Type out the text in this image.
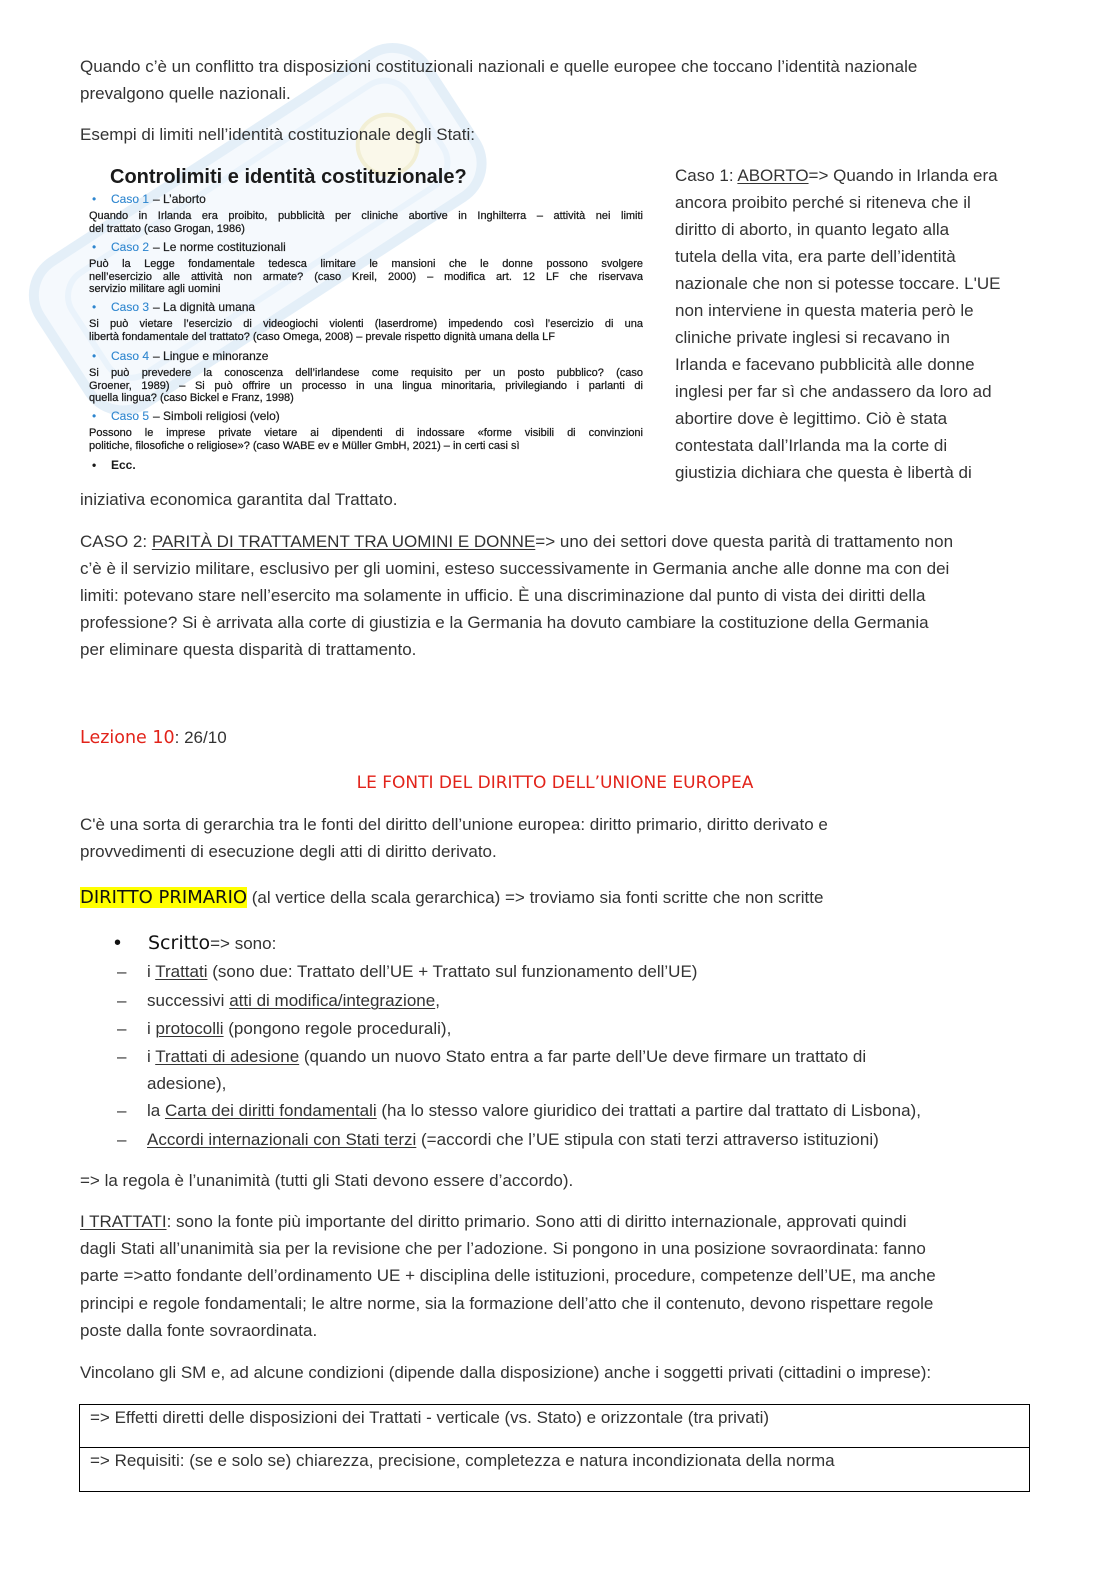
Quando c’è un conflitto tra disposizioni costituzionali nazionali e quelle europee che toccano l’identità nazionale
prevalgono quelle nazionali.
Esempi di limiti nell’identità costituzionale degli Stati:
Controlimiti e identità costituzionale?
• Caso 1 – L’aborto
Quando in Irlanda era proibito, pubblicità per cliniche abortive in Inghilterra – attività nei limiti
del trattato (caso Grogan, 1986)
• Caso 2 – Le norme costituzionali
Può la Legge fondamentale tedesca limitare le mansioni che le donne possono svolgere
nell’esercizio alle attività non armate? (caso Kreil, 2000) – modifica art. 12 LF che riservava
servizio militare agli uomini
• Caso 3 – La dignità umana
Si può vietare l’esercizio di videogiochi violenti (laserdrome) impedendo così l’esercizio di una
libertà fondamentale del trattato? (caso Omega, 2008) – prevale rispetto dignità umana della LF
• Caso 4 – Lingue e minoranze
Si può prevedere la conoscenza dell’irlandese come requisito per un posto pubblico? (caso
Groener, 1989) – Si può offrire un processo in una lingua minoritaria, privilegiando i parlanti di
quella lingua? (caso Bickel e Franz, 1998)
• Caso 5 – Simboli religiosi (velo)
Possono le imprese private vietare ai dipendenti di indossare «forme visibili di convinzioni
politiche, filosofiche o religiose»? (caso WABE ev e Müller GmbH, 2021) – in certi casi sì
• Ecc.
Caso 1: ABORTO=> Quando in Irlanda era
ancora proibito perché si riteneva che il
diritto di aborto, in quanto legato alla
tutela della vita, era parte dell’identità
nazionale che non si potesse toccare. L'UE
non interviene in questa materia però le
cliniche private inglesi si recavano in
Irlanda e facevano pubblicità alle donne
inglesi per far sì che andassero da loro ad
abortire dove è legittimo. Ciò è stata
contestata dall’Irlanda ma la corte di
giustizia dichiara che questa è libertà di
iniziativa economica garantita dal Trattato.
CASO 2: PARITÀ DI TRATTAMENT TRA UOMINI E DONNE=> uno dei settori dove questa parità di trattamento non
c’è è il servizio militare, esclusivo per gli uomini, esteso successivamente in Germania anche alle donne ma con dei
limiti: potevano stare nell’esercito ma solamente in ufficio. È una discriminazione dal punto di vista dei diritti della
professione? Si è arrivata alla corte di giustizia e la Germania ha dovuto cambiare la costituzione della Germania
per eliminare questa disparità di trattamento.
Lezione 10: 26/10
LE FONTI DEL DIRITTO DELL’UNIONE EUROPEA
C'è una sorta di gerarchia tra le fonti del diritto dell’unione europea: diritto primario, diritto derivato e
provvedimenti di esecuzione degli atti di diritto derivato.
DIRITTO PRIMARIO (al vertice della scala gerarchica) => troviamo sia fonti scritte che non scritte
• Scritto=> sono:
– i Trattati (sono due: Trattato dell’UE + Trattato sul funzionamento dell’UE)
– successivi atti di modifica/integrazione,
– i protocolli (pongono regole procedurali),
– i Trattati di adesione (quando un nuovo Stato entra a far parte dell’Ue deve firmare un trattato di
adesione),
– la Carta dei diritti fondamentali (ha lo stesso valore giuridico dei trattati a partire dal trattato di Lisbona),
– Accordi internazionali con Stati terzi (=accordi che l’UE stipula con stati terzi attraverso istituzioni)
=> la regola è l’unanimità (tutti gli Stati devono essere d’accordo).
I TRATTATI: sono la fonte più importante del diritto primario. Sono atti di diritto internazionale, approvati quindi
dagli Stati all’unanimità sia per la revisione che per l’adozione. Si pongono in una posizione sovraordinata: fanno
parte =>atto fondante dell’ordinamento UE + disciplina delle istituzioni, procedure, competenze dell’UE, ma anche
principi e regole fondamentali; le altre norme, sia la formazione dell’atto che il contenuto, devono rispettare regole
poste dalla fonte sovraordinata.
Vincolano gli SM e, ad alcune condizioni (dipende dalla disposizione) anche i soggetti privati (cittadini o imprese):
=> Effetti diretti delle disposizioni dei Trattati - verticale (vs. Stato) e orizzontale (tra privati)
=> Requisiti: (se e solo se) chiarezza, precisione, completezza e natura incondizionata della norma
